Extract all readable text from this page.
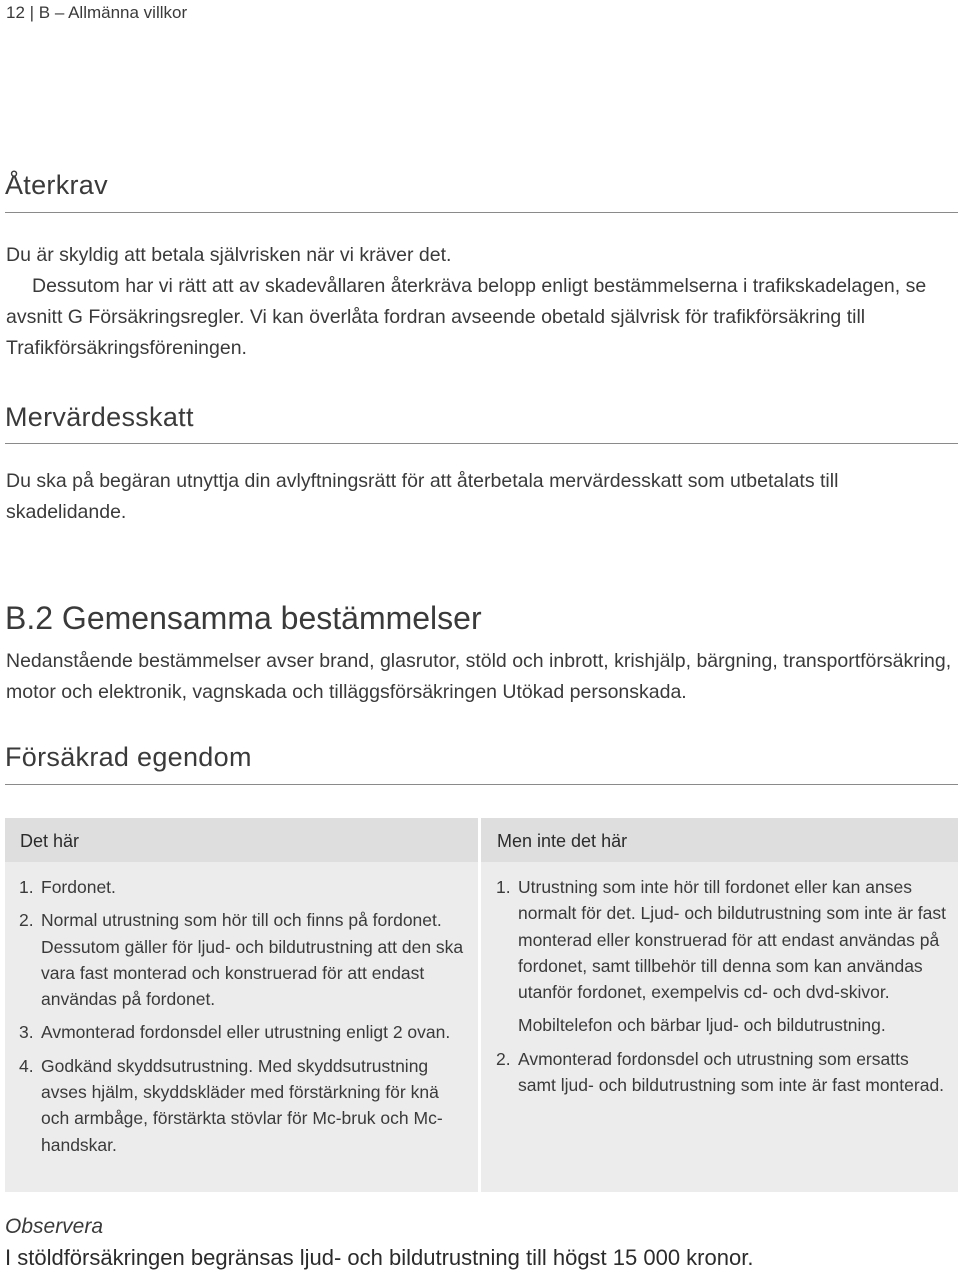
12 | B – Allmänna villkor
Återkrav

Du är skyldig att betala självrisken när vi kräver det.

Dessutom har vi rätt att av skadevållaren återkräva belopp enligt bestämmelserna i trafikskadelagen, se avsnitt G Försäkringsregler. Vi kan överlåta fordran avseende obetald självrisk för trafikförsäkring till Trafikförsäkringsföreningen.

Mervärdesskatt

Du ska på begäran utnyttja din avlyftningsrätt för att återbetala mervärdesskatt som utbetalats till skadelidande.

B.2 Gemensamma bestämmelser

Nedanstående bestämmelser avser brand, glasrutor, stöld och inbrott, krishjälp, bärgning, transportförsäkring, motor och elektronik, vagnskada och tilläggsförsäkringen Utökad personskada.

Försäkrad egendom
Det här
1. Fordonet.
2. Normal utrustning som hör till och finns på fordonet. Dessutom gäller för ljud- och bildutrustning att den ska vara fast monterad och konstruerad för att endast användas på fordonet.
3. Avmonterad fordonsdel eller utrustning enligt 2 ovan.
4. Godkänd skyddsutrustning. Med skyddsutrustning avses hjälm, skyddskläder med förstärkning för knä och armbåge, förstärkta stövlar för Mc-bruk och Mc-handskar.
Men inte det här
1. Utrustning som inte hör till fordonet eller kan anses normalt för det. Ljud- och bildutrustning som inte är fast monterad eller konstruerad för att endast användas på fordonet, samt tillbehör till denna som kan användas utanför fordonet, exempelvis cd- och dvd-skivor.
Mobiltelefon och bärbar ljud- och bildutrustning.
2. Avmonterad fordonsdel och utrustning som ersatts samt ljud- och bildutrustning som inte är fast monterad.
Observera
I stöldförsäkringen begränsas ljud- och bildutrustning till högst 15 000 kronor.
